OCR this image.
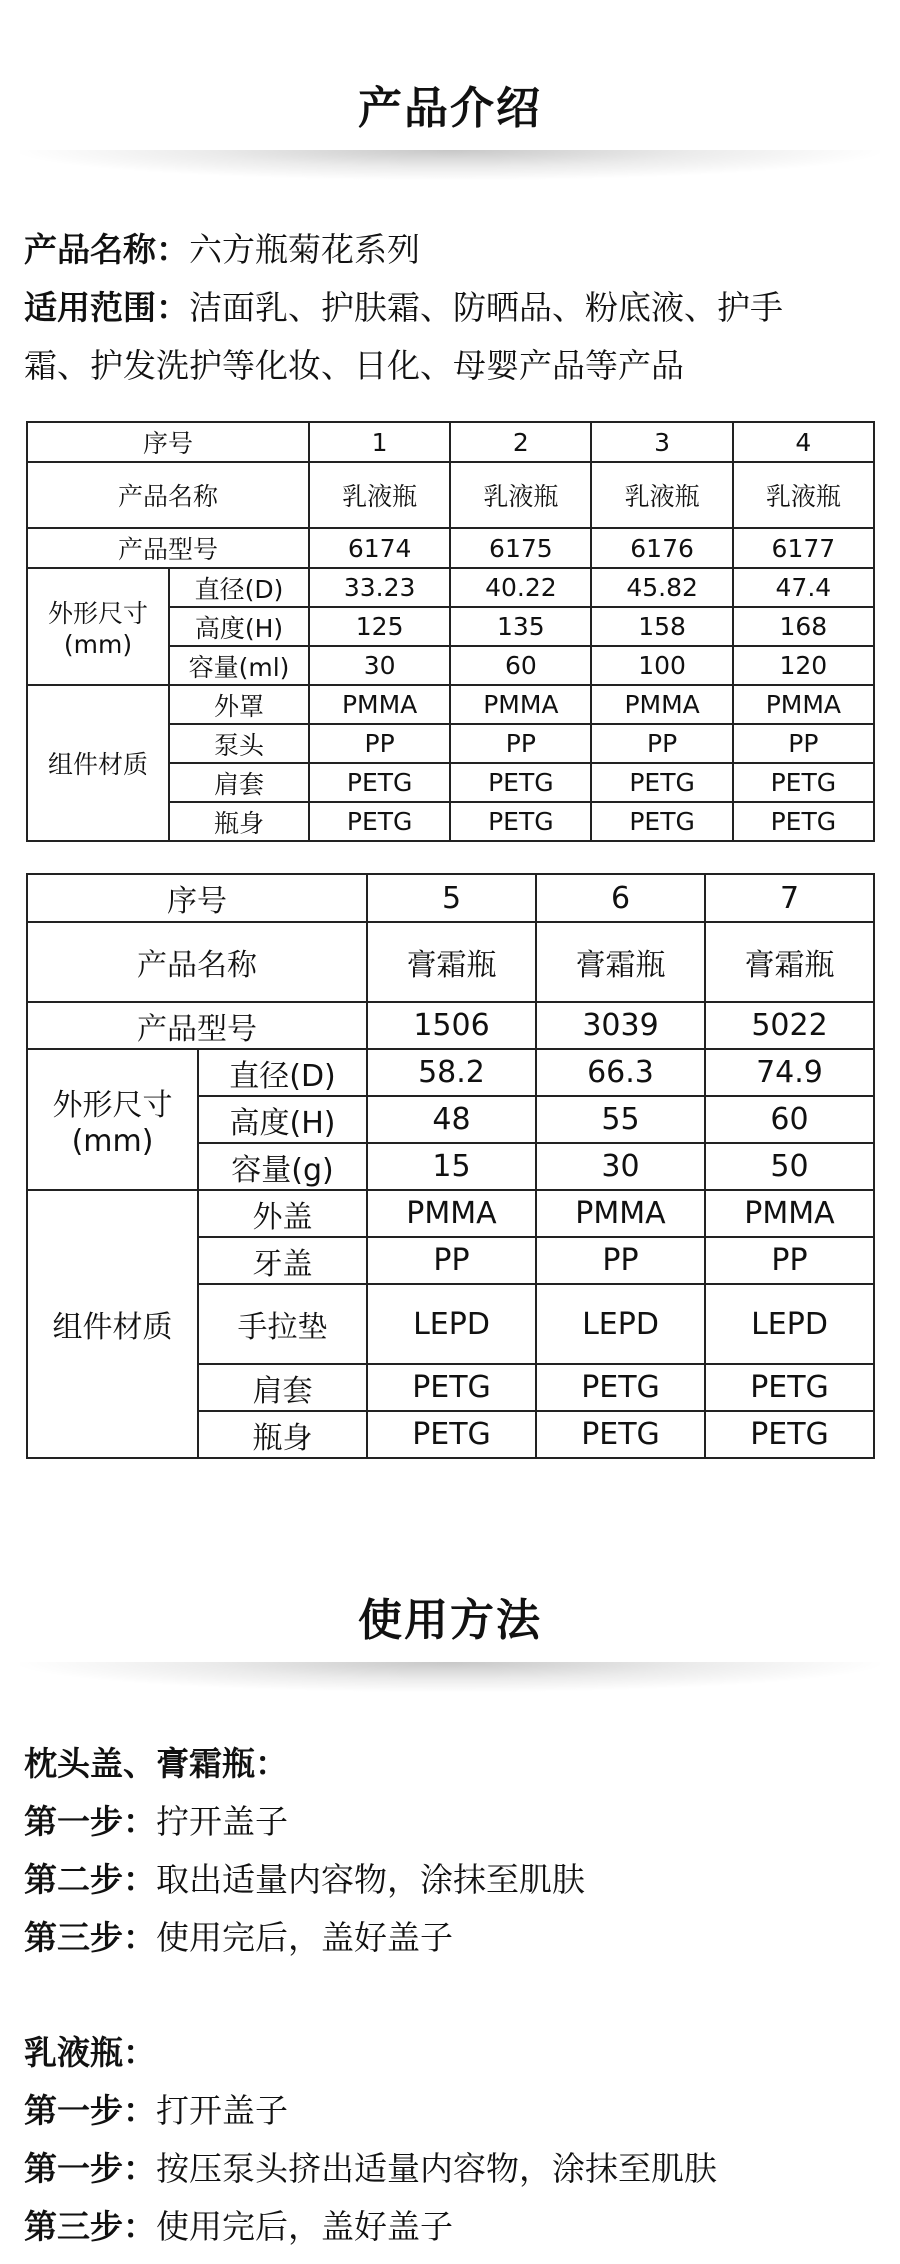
产品介绍
产品名称：六方瓶菊花系列
适用范围：洁面乳、护肤霜、防晒品、粉底液、护手
霜、护发洗护等化妆、日化、母婴产品等产品
序号		1	2	3	4
产品名称		乳液瓶	乳液瓶	乳液瓶	乳液瓶
产品型号		6174	6175	6176	6177

外形尺寸
(mm)	直径(D)	33.23	40.22	45.82	47.4
	高度(H)	125	135	158	168
	容量(ml)	30	60	100	120
组件材质	外罩	PMMA	PMMA	PMMA	PMMA
	泵头	PP	PP	PP	PP
	肩套	PETG	PETG	PETG	PETG
	瓶身	PETG	PETG	PETG	PETG
序号		5	6	7
产品名称		膏霜瓶	膏霜瓶	膏霜瓶
产品型号		1506	3039	5022

外形尺寸
(mm)	直径(D)	58.2	66.3	74.9
	高度(H)	48	55	60
	容量(g)	15	30	50
组件材质	外盖	PMMA	PMMA	PMMA
	牙盖	PP	PP	PP
	手拉垫	LEPD	LEPD	LEPD
	肩套	PETG	PETG	PETG
	瓶身	PETG	PETG	PETG
使用方法
枕头盖、膏霜瓶：
第一步：拧开盖子
第二步：取出适量内容物，涂抹至肌肤
第三步：使用完后，盖好盖子
乳液瓶：
第一步：打开盖子
第一步：按压泵头挤出适量内容物，涂抹至肌肤
第三步：使用完后，盖好盖子
